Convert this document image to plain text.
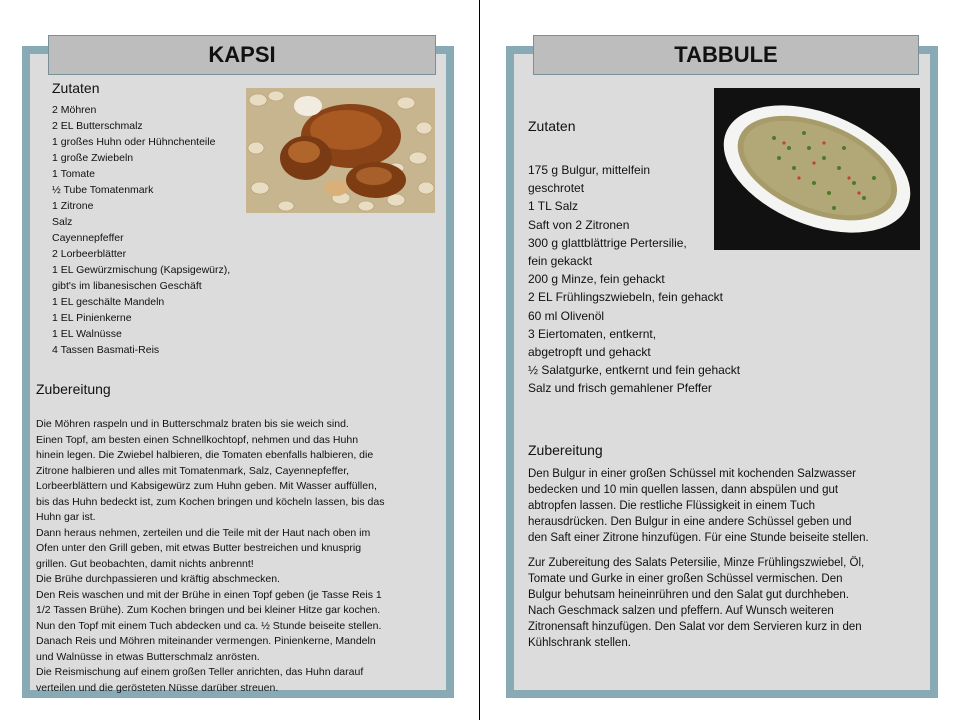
KAPSI
Zutaten
2 Möhren
2 EL Butterschmalz
1 großes Huhn oder Hühnchenteile
1 große Zwiebeln
1 Tomate
½ Tube Tomatenmark
1 Zitrone
Salz
Cayennepfeffer
2 Lorbeerblätter
1 EL Gewürzmischung (Kapsigewürz),
gibt's im libanesischen Geschäft
1 EL geschälte Mandeln
1 EL Pinienkerne
1 EL Walnüsse
4 Tassen Basmati-Reis
Zubereitung
Die Möhren raspeln und in Butterschmalz braten bis sie weich sind.
Einen Topf, am besten einen Schnellkochtopf, nehmen und das Huhn
hinein legen. Die Zwiebel halbieren, die Tomaten ebenfalls halbieren, die
Zitrone halbieren und alles mit Tomatenmark, Salz, Cayennepfeffer,
Lorbeerblättern und Kabsigewürz zum Huhn geben. Mit Wasser auffüllen,
bis das Huhn bedeckt ist, zum Kochen bringen und köcheln lassen, bis das
Huhn gar ist.
Dann heraus nehmen, zerteilen und die Teile mit der Haut nach oben im
Ofen unter den Grill geben, mit etwas Butter bestreichen und knusprig
grillen. Gut beobachten, damit nichts anbrennt!
Die Brühe durchpassieren und kräftig abschmecken.
Den Reis waschen und mit der Brühe in einen Topf geben (je Tasse Reis 1
1/2 Tassen Brühe). Zum Kochen bringen und bei kleiner Hitze gar kochen.
Nun den Topf mit einem Tuch abdecken und ca. ½ Stunde beiseite stellen.
Danach Reis und Möhren miteinander vermengen. Pinienkerne, Mandeln
und Walnüsse in etwas Butterschmalz anrösten.
Die Reismischung auf einem großen Teller anrichten, das Huhn darauf
verteilen und die gerösteten Nüsse darüber streuen.
TABBULE
Zutaten
175 g Bulgur, mittelfein
geschrotet
1 TL Salz
Saft von 2 Zitronen
300 g glattblättrige Pertersilie,
fein gekackt
200 g Minze, fein gehackt
2 EL Frühlingszwiebeln, fein gehackt
60 ml Olivenöl
3 Eiertomaten, entkernt,
abgetropft und gehackt
½ Salatgurke, entkernt und fein gehackt
Salz und frisch gemahlener Pfeffer
Zubereitung
Den Bulgur in einer großen Schüssel mit kochenden Salzwasser
bedecken und 10 min quellen lassen, dann abspülen und gut
abtropfen lassen. Die restliche Flüssigkeit in einem Tuch
herausdrücken. Den Bulgur in eine andere Schüssel geben und
den Saft einer Zitrone hinzufügen. Für eine Stunde beiseite stellen.
Zur Zubereitung des Salats Petersilie, Minze Frühlingszwiebel, Öl,
Tomate und Gurke in einer großen Schüssel vermischen. Den
Bulgur behutsam heineinrühren und den Salat gut durchheben.
Nach Geschmack salzen und pfeffern. Auf Wunsch weiteren
Zitronensaft hinzufügen. Den Salat vor dem Servieren kurz in den
Kühlschrank stellen.
